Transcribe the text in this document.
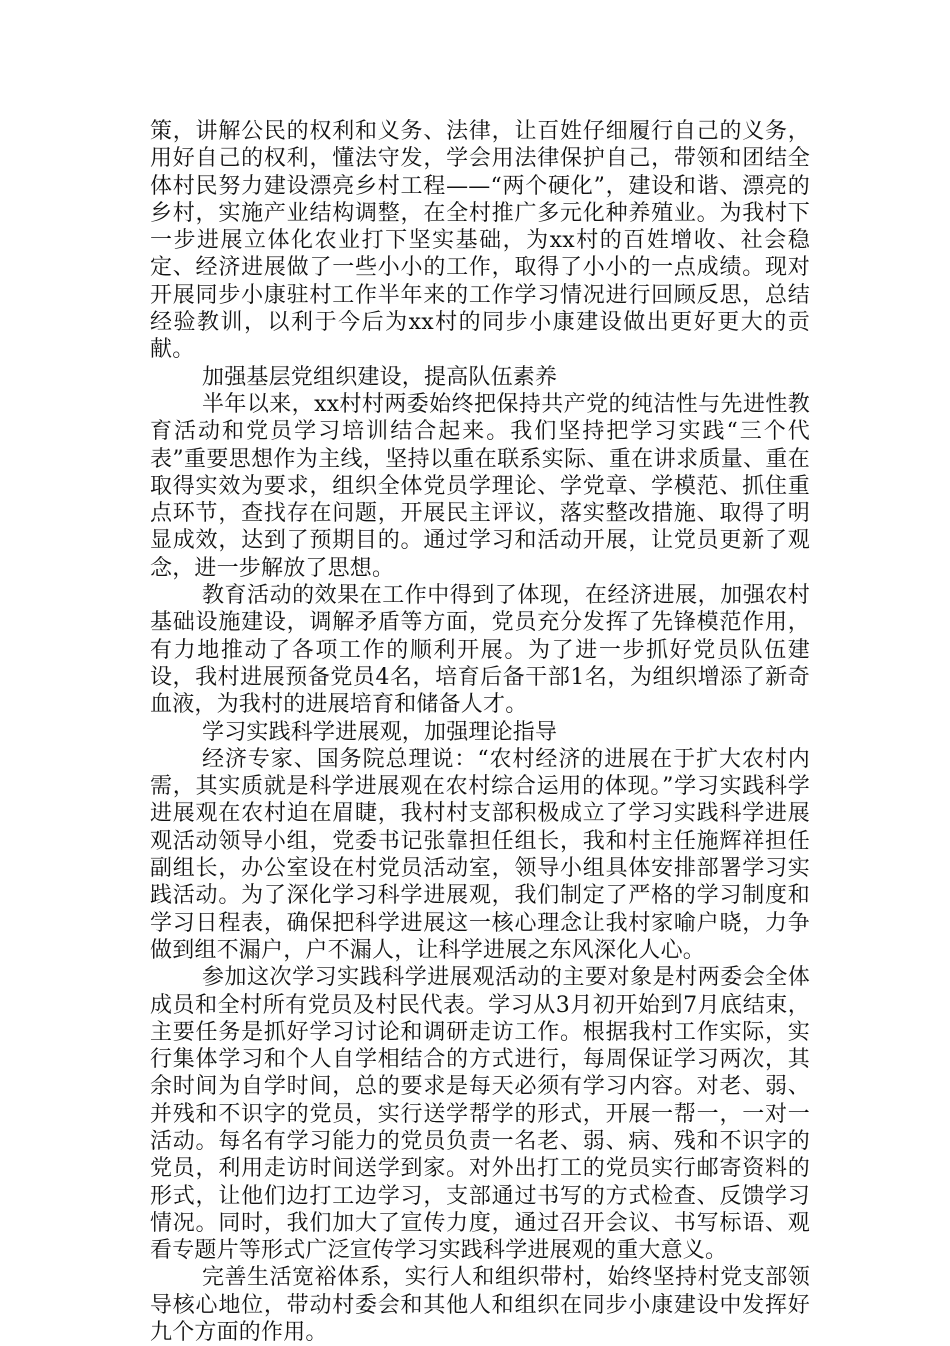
策，讲解公民的权利和义务、法律，让百姓仔细履行自己的义务，用好自己的权利，懂法守发，学会用法律保护自己，带领和团结全体村民努力建设漂亮乡村工程——“两个硬化”，建设和谐、漂亮的乡村，实施产业结构调整，在全村推广多元化种养殖业。为我村下一步进展立体化农业打下坚实基础，为xx村的百姓增收、社会稳定、经济进展做了一些小小的工作，取得了小小的一点成绩。现对开展同步小康驻村工作半年来的工作学习情况进行回顾反思，总结经验教训，以利于今后为xx村的同步小康建设做出更好更大的贡献。

加强基层党组织建设，提高队伍素养

半年以来，xx村村两委始终把保持共产党的纯洁性与先进性教育活动和党员学习培训结合起来。我们坚持把学习实践“三个代表”重要思想作为主线，坚持以重在联系实际、重在讲求质量、重在取得实效为要求，组织全体党员学理论、学党章、学模范、抓住重点环节，查找存在问题，开展民主评议，落实整改措施、取得了明显成效，达到了预期目的。通过学习和活动开展，让党员更新了观念，进一步解放了思想。

教育活动的效果在工作中得到了体现，在经济进展，加强农村基础设施建设，调解矛盾等方面，党员充分发挥了先锋模范作用，有力地推动了各项工作的顺利开展。为了进一步抓好党员队伍建设，我村进展预备党员4名，培育后备干部1名，为组织增添了新奇血液，为我村的进展培育和储备人才。

学习实践科学进展观，加强理论指导

经济专家、国务院总理说：“农村经济的进展在于扩大农村内需，其实质就是科学进展观在农村综合运用的体现。”学习实践科学进展观在农村迫在眉睫，我村村支部积极成立了学习实践科学进展观活动领导小组，党委书记张靠担任组长，我和村主任施辉祥担任副组长，办公室设在村党员活动室，领导小组具体安排部署学习实践活动。为了深化学习科学进展观，我们制定了严格的学习制度和学习日程表，确保把科学进展这一核心理念让我村家喻户晓，力争做到组不漏户，户不漏人，让科学进展之东风深化人心。

参加这次学习实践科学进展观活动的主要对象是村两委会全体成员和全村所有党员及村民代表。学习从3月初开始到7月底结束，主要任务是抓好学习讨论和调研走访工作。根据我村工作实际，实行集体学习和个人自学相结合的方式进行，每周保证学习两次，其余时间为自学时间，总的要求是每天必须有学习内容。对老、弱、并残和不识字的党员，实行送学帮学的形式，开展一帮一，一对一活动。每名有学习能力的党员负责一名老、弱、病、残和不识字的党员，利用走访时间送学到家。对外出打工的党员实行邮寄资料的形式，让他们边打工边学习，支部通过书写的方式检查、反馈学习情况。同时，我们加大了宣传力度，通过召开会议、书写标语、观看专题片等形式广泛宣传学习实践科学进展观的重大意义。

完善生活宽裕体系，实行人和组织带村，始终坚持村党支部领导核心地位，带动村委会和其他人和组织在同步小康建设中发挥好九个方面的作用。
